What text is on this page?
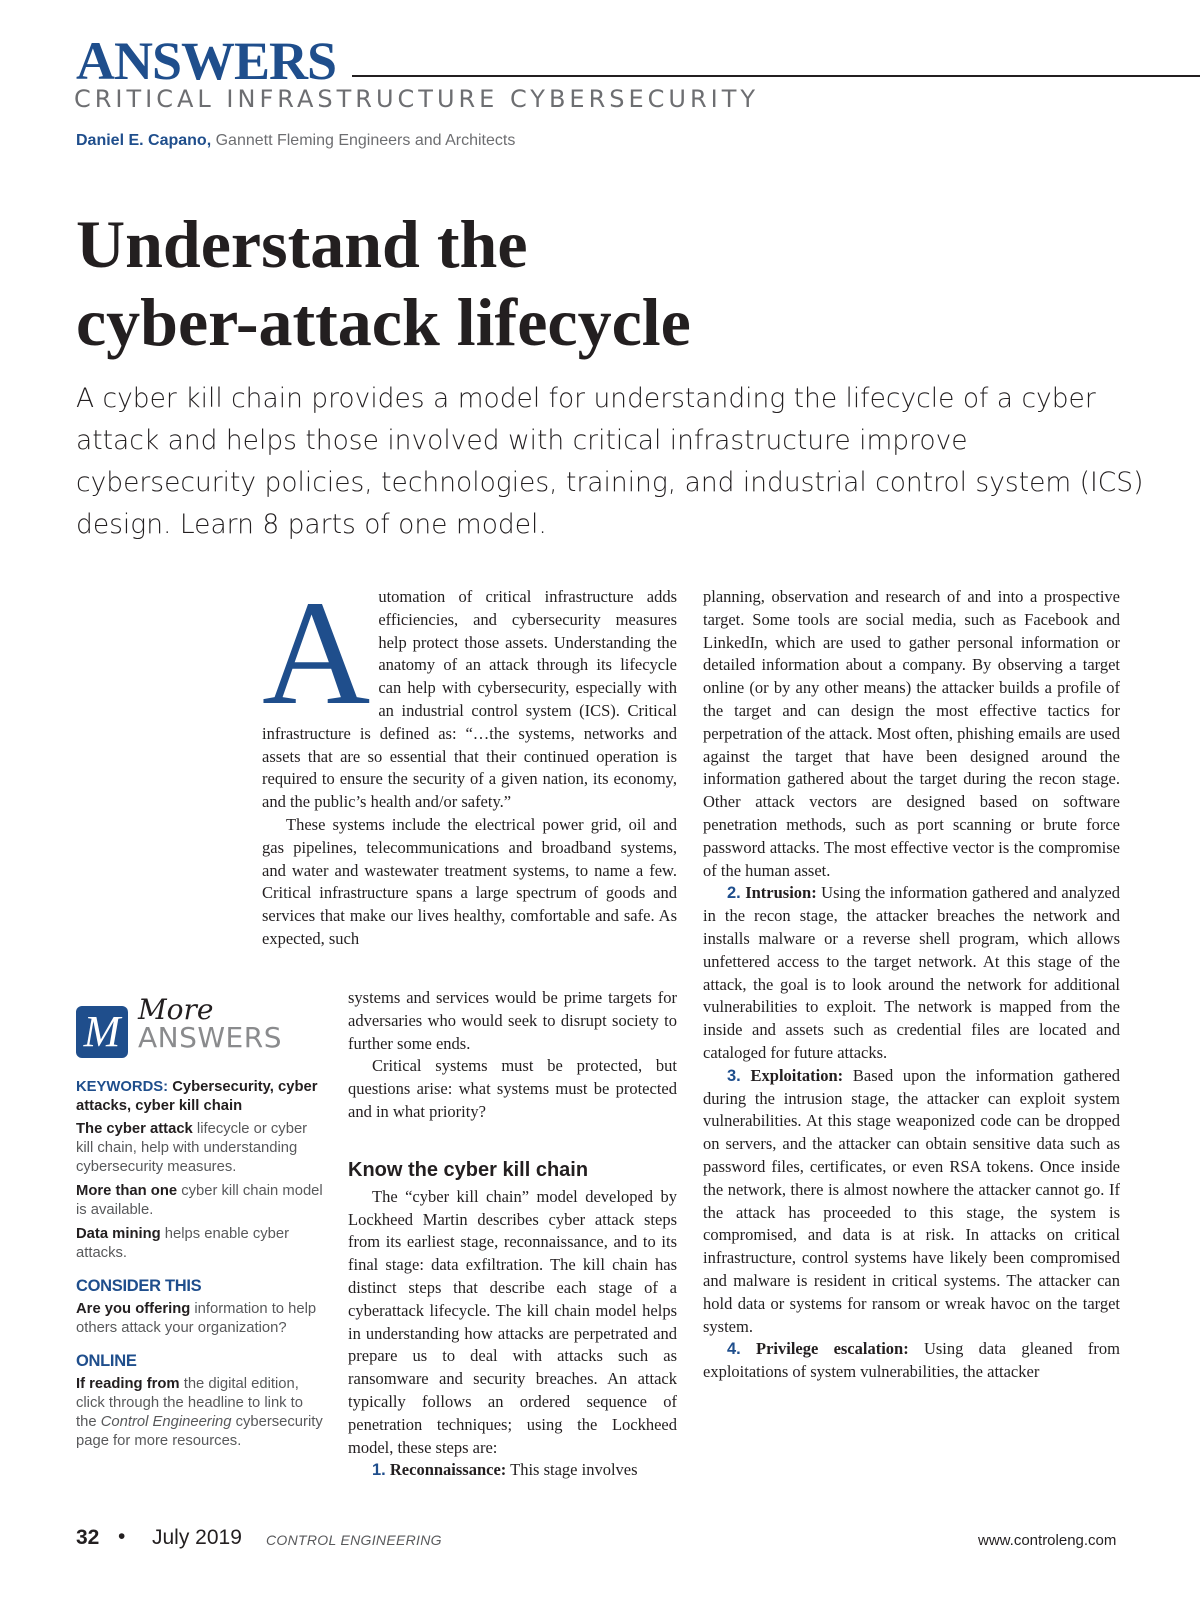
ANSWERS
CRITICAL INFRASTRUCTURE CYBERSECURITY
Daniel E. Capano, Gannett Fleming Engineers and Architects
Understand the
cyber-attack lifecycle
A cyber kill chain provides a model for understanding the lifecycle of a cyber attack and helps those involved with critical infrastructure improve cybersecurity policies, technologies, training, and industrial control system (ICS) design. Learn 8 parts of one model.

Automation of critical infrastructure adds efficiencies, and cybersecurity measures help protect those assets. Understanding the anatomy of an attack through its lifecycle can help with cybersecurity, especially with an industrial control system (ICS). Critical infrastructure is defined as: “…the systems, networks and assets that are so essential that their continued operation is required to ensure the security of a given nation, its economy, and the public’s health and/or safety.”

These systems include the electrical power grid, oil and gas pipelines, telecommunications and broadband systems, and water and wastewater treatment systems, to name a few. Critical infrastructure spans a large spectrum of goods and services that make our lives healthy, comfortable and safe. As expected, such

systems and services would be prime targets for adversaries who would seek to disrupt society to further some ends.

Critical systems must be protected, but questions arise: what systems must be protected and in what priority?

Know the cyber kill chain

The “cyber kill chain” model developed by Lockheed Martin describes cyber attack steps from its earliest stage, reconnaissance, and to its final stage: data exfiltration. The kill chain has distinct steps that describe each stage of a cyberattack lifecycle. The kill chain model helps in understanding how attacks are perpetrated and prepare us to deal with attacks such as ransomware and security breaches. An attack typically follows an ordered sequence of penetration techniques; using the Lockheed model, these steps are:

1. Reconnaissance: This stage involves

planning, observation and research of and into a prospective target. Some tools are social media, such as Facebook and LinkedIn, which are used to gather personal information or detailed information about a company. By observing a target online (or by any other means) the attacker builds a profile of the target and can design the most effective tactics for perpetration of the attack. Most often, phishing emails are used against the target that have been designed around the information gathered about the target during the recon stage. Other attack vectors are designed based on software penetration methods, such as port scanning or brute force password attacks. The most effective vector is the compromise of the human asset.

2. Intrusion: Using the information gathered and analyzed in the recon stage, the attacker breaches the network and installs malware or a reverse shell program, which allows unfettered access to the target network. At this stage of the attack, the goal is to look around the network for additional vulnerabilities to exploit. The network is mapped from the inside and assets such as credential files are located and cataloged for future attacks.

3. Exploitation: Based upon the information gathered during the intrusion stage, the attacker can exploit system vulnerabilities. At this stage weaponized code can be dropped on servers, and the attacker can obtain sensitive data such as password files, certificates, or even RSA tokens. Once inside the network, there is almost nowhere the attacker cannot go. If the attack has proceeded to this stage, the system is compromised, and data is at risk. In attacks on critical infrastructure, control systems have likely been compromised and malware is resident in critical systems. The attacker can hold data or systems for ransom or wreak havoc on the target system.

4. Privilege escalation: Using data gleaned from exploitations of system vulnerabilities, the attacker

M More
ANSWERS
KEYWORDS: Cybersecurity, cyber attacks, cyber kill chain

The cyber attack lifecycle or cyber kill chain, help with understanding cybersecurity measures.

More than one cyber kill chain model is available.

Data mining helps enable cyber attacks.

CONSIDER THIS

Are you offering information to help others attack your organization?

ONLINE

If reading from the digital edition, click through the headline to link to the Control Engineering cybersecurity page for more resources.

32 • July 2019 CONTROL ENGINEERING	www.controleng.com
